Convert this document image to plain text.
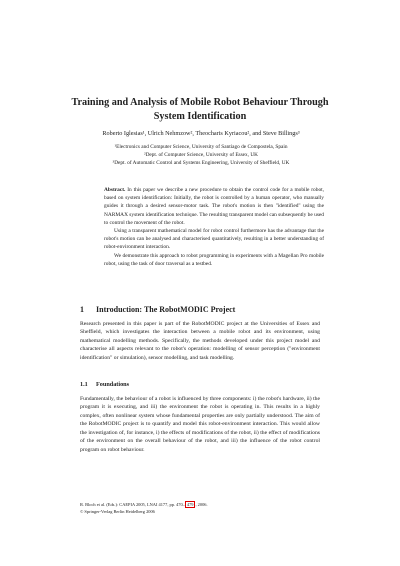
Training and Analysis of Mobile Robot Behaviour Through System Identification
Roberto Iglesias¹, Ulrich Nehmzow², Theocharis Kyriacou², and Steve Billings³
¹Electronics and Computer Science, University of Santiago de Compostela, Spain
²Dept. of Computer Science, University of Essex, UK
³Dept. of Automatic Control and Systems Engineering, University of Sheffield, UK

Abstract. In this paper we describe a new procedure to obtain the control code for a mobile robot, based on system identification: Initially, the robot is controlled by a human operator, who manually guides it through a desired sensor-motor task. The robot's motion is then "identified" using the NARMAX system identification technique. The resulting transparent model can subsequently be used to control the movement of the robot.

Using a transparent mathematical model for robot control furthermore has the advantage that the robot's motion can be analysed and characterised quantitatively, resulting in a better understanding of robot-environment interaction.

We demonstrate this approach to robot programming in experiments with a Magellan Pro mobile robot, using the task of door traversal as a testbed.

1 Introduction: The RobotMODIC Project

Research presented in this paper is part of the RobotMODIC project at the Universities of Essex and Sheffield, which investigates the interaction between a mobile robot and its environment, using mathematical modelling methods. Specifically, the methods developed under this project model and characterise all aspects relevant to the robot's operation: modelling of sensor perception ("environment identification" or simulation), sensor modelling, and task modelling.

1.1 Foundations

Fundamentally, the behaviour of a robot is influenced by three components: i) the robot's hardware, ii) the program it is executing, and iii) the environment the robot is operating in. This results in a highly complex, often nonlinear system whose fundamental properties are only partially understood. The aim of the RobotMODIC project is to quantify and model this robot-environment interaction. This would allow the investigation of, for instance, i) the effects of modifications of the robot, ii) the effect of modifications of the environment on the overall behaviour of the robot, and iii) the influence of the robot control program on robot behaviour.

R. Bloch et al. (Eds.): CAEPIA 2005, LNAI 4177, pp. 470– 479 , 2006.
© Springer-Verlag Berlin Heidelberg 2006
